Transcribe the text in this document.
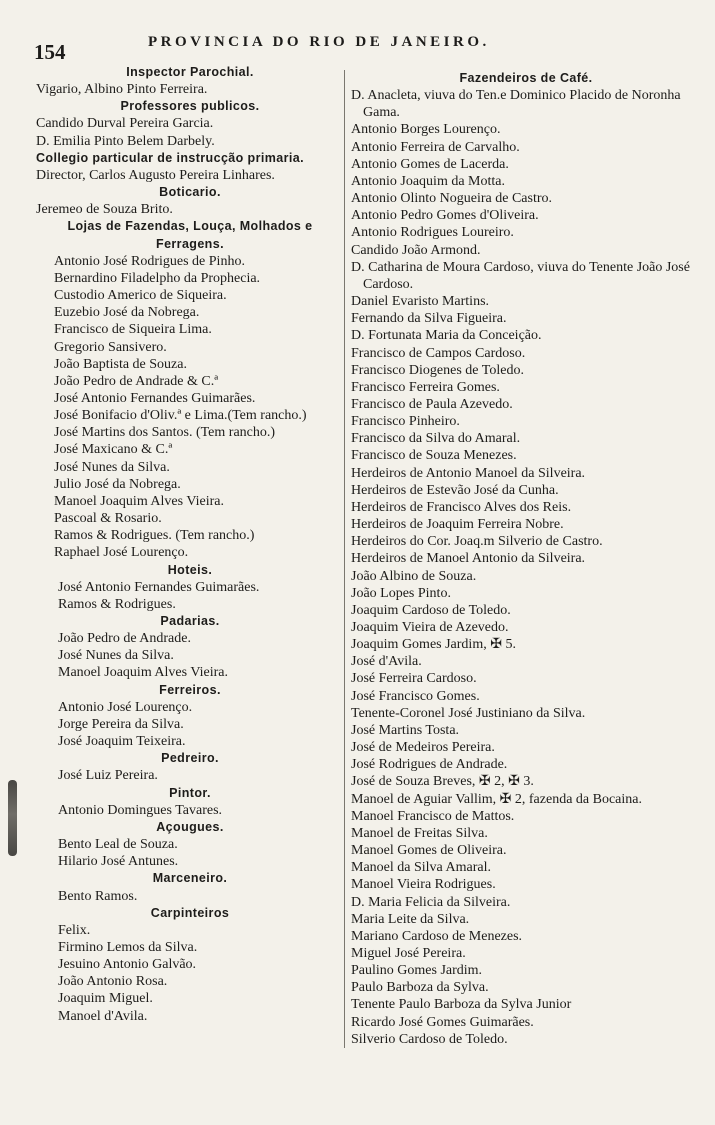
154	PROVINCIA DO RIO DE JANEIRO.
Inspector Parochial.
Vigario, Albino Pinto Ferreira.
Professores publicos.
Candido Durval Pereira Garcia.
D. Emilia Pinto Belem Darbely.
Collegio particular de instrucção primaria.
Director, Carlos Augusto Pereira Linhares.
Boticario.
Jeremeo de Souza Brito.
Lojas de Fazendas, Louça, Molhados e Ferragens.
Antonio José Rodrigues de Pinho.
Bernardino Filadelpho da Prophecia.
Custodio Americo de Siqueira.
Euzebio José da Nobrega.
Francisco de Siqueira Lima.
Gregorio Sansivero.
João Baptista de Souza.
João Pedro de Andrade & C.ª
José Antonio Fernandes Guimarães.
José Bonifacio d'Oliv.ª e Lima.(Tem rancho.)
José Martins dos Santos. (Tem rancho.)
José Maxicano & C.ª
José Nunes da Silva.
Julio José da Nobrega.
Manoel Joaquim Alves Vieira.
Pascoal & Rosario.
Ramos & Rodrigues. (Tem rancho.)
Raphael José Lourenço.
Hoteis.
José Antonio Fernandes Guimarães.
Ramos & Rodrigues.
Padarias.
João Pedro de Andrade.
José Nunes da Silva.
Manoel Joaquim Alves Vieira.
Ferreiros.
Antonio José Lourenço.
Jorge Pereira da Silva.
José Joaquim Teixeira.
Pedreiro.
José Luiz Pereira.
Pintor.
Antonio Domingues Tavares.
Açougues.
Bento Leal de Souza.
Hilario José Antunes.
Marceneiro.
Bento Ramos.
Carpinteiros
Felix.
Firmino Lemos da Silva.
Jesuino Antonio Galvão.
João Antonio Rosa.
Joaquim Miguel.
Manoel d'Avila.
Fazendeiros de Café.
D. Anacleta, viuva do Ten.e Dominico Placido de Noronha Gama.
Antonio Borges Lourenço.
Antonio Ferreira de Carvalho.
Antonio Gomes de Lacerda.
Antonio Joaquim da Motta.
Antonio Olinto Nogueira de Castro.
Antonio Pedro Gomes d'Oliveira.
Antonio Rodrigues Loureiro.
Candido João Armond.
D. Catharina de Moura Cardoso, viuva do Tenente João José Cardoso.
Daniel Evaristo Martins.
Fernando da Silva Figueira.
D. Fortunata Maria da Conceição.
Francisco de Campos Cardoso.
Francisco Diogenes de Toledo.
Francisco Ferreira Gomes.
Francisco de Paula Azevedo.
Francisco Pinheiro.
Francisco da Silva do Amaral.
Francisco de Souza Menezes.
Herdeiros de Antonio Manoel da Silveira.
Herdeiros de Estevão José da Cunha.
Herdeiros de Francisco Alves dos Reis.
Herdeiros de Joaquim Ferreira Nobre.
Herdeiros do Cor. Joaq.m Silverio de Castro.
Herdeiros de Manoel Antonio da Silveira.
João Albino de Souza.
João Lopes Pinto.
Joaquim Cardoso de Toledo.
Joaquim Vieira de Azevedo.
Joaquim Gomes Jardim, ✠ 5.
José d'Avila.
José Ferreira Cardoso.
José Francisco Gomes.
Tenente-Coronel José Justiniano da Silva.
José Martins Tosta.
José de Medeiros Pereira.
José Rodrigues de Andrade.
José de Souza Breves, ✠ 2, ✠ 3.
Manoel de Aguiar Vallim, ✠ 2, fazenda da Bocaina.
Manoel Francisco de Mattos.
Manoel de Freitas Silva.
Manoel Gomes de Oliveira.
Manoel da Silva Amaral.
Manoel Vieira Rodrigues.
D. Maria Felicia da Silveira.
Maria Leite da Silva.
Mariano Cardoso de Menezes.
Miguel José Pereira.
Paulino Gomes Jardim.
Paulo Barboza da Sylva.
Tenente Paulo Barboza da Sylva Junior
Ricardo José Gomes Guimarães.
Silverio Cardoso de Toledo.
